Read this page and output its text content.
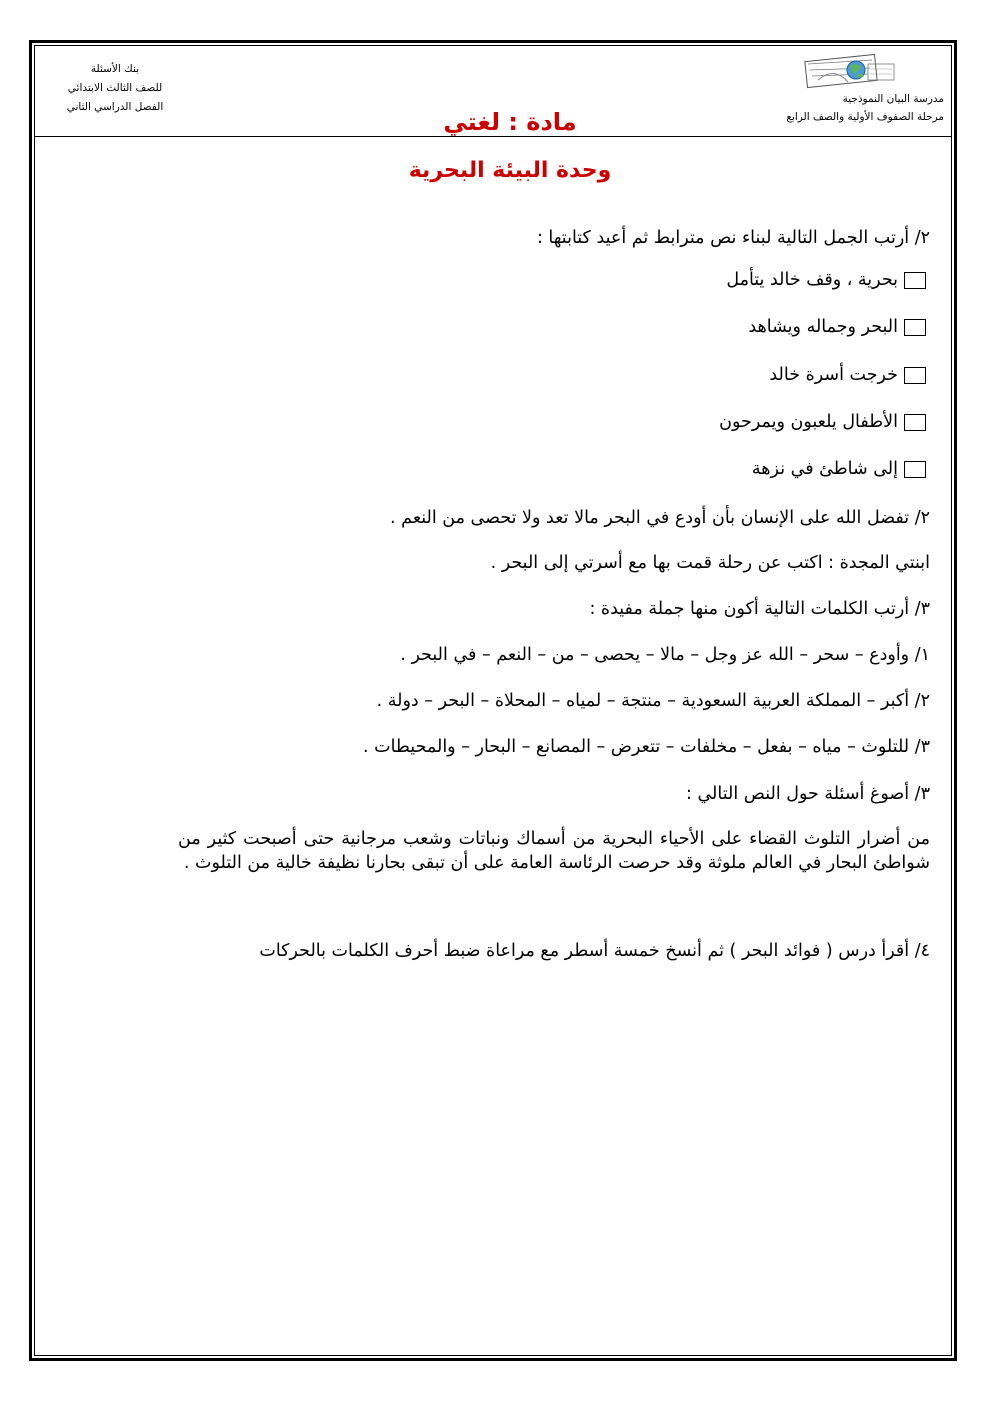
بنك الأسئلة
للصف الثالث الابتدائي
الفصل الدراسي الثاني
مدرسة البيان النموذجية
مرحلة الصفوف الأولية والصف الرابع
مادة : لغتي
وحدة البيئة البحرية
٢/ أرتب الجمل التالية لبناء نص مترابط ثم أعيد كتابتها :
بحرية ، وقف خالد يتأمل
البحر وجماله ويشاهد
خرجت أسرة خالد
الأطفال يلعبون ويمرحون
إلى شاطئ في نزهة
٢/ تفضل الله على الإنسان بأن أودع في البحر مالا تعد ولا تحصى من النعم .
ابنتي المجدة : اكتب عن رحلة قمت بها مع أسرتي إلى البحر .
٣/ أرتب الكلمات التالية أكون منها جملة مفيدة :
١/ وأودع – سحر – الله عز وجل – مالا – يحصى – من – النعم – في البحر .
٢/ أكبر – المملكة العربية السعودية – منتجة – لمياه – المحلاة – البحر – دولة .
٣/ للتلوث – مياه – بفعل – مخلفات – تتعرض – المصانع – البحار – والمحيطات .
٣/ أصوغ أسئلة حول النص التالي :
من أضرار التلوث القضاء على الأحياء البحرية من أسماك ونباتات وشعب مرجانية حتى أصبحت كثير من شواطئ البحار في العالم ملوثة وقد حرصت الرئاسة العامة على أن تبقى بحارنا نظيفة خالية من التلوث .
٤/ أقرأ درس ( فوائد البحر ) ثم أنسخ خمسة أسطر مع مراعاة ضبط أحرف الكلمات بالحركات
